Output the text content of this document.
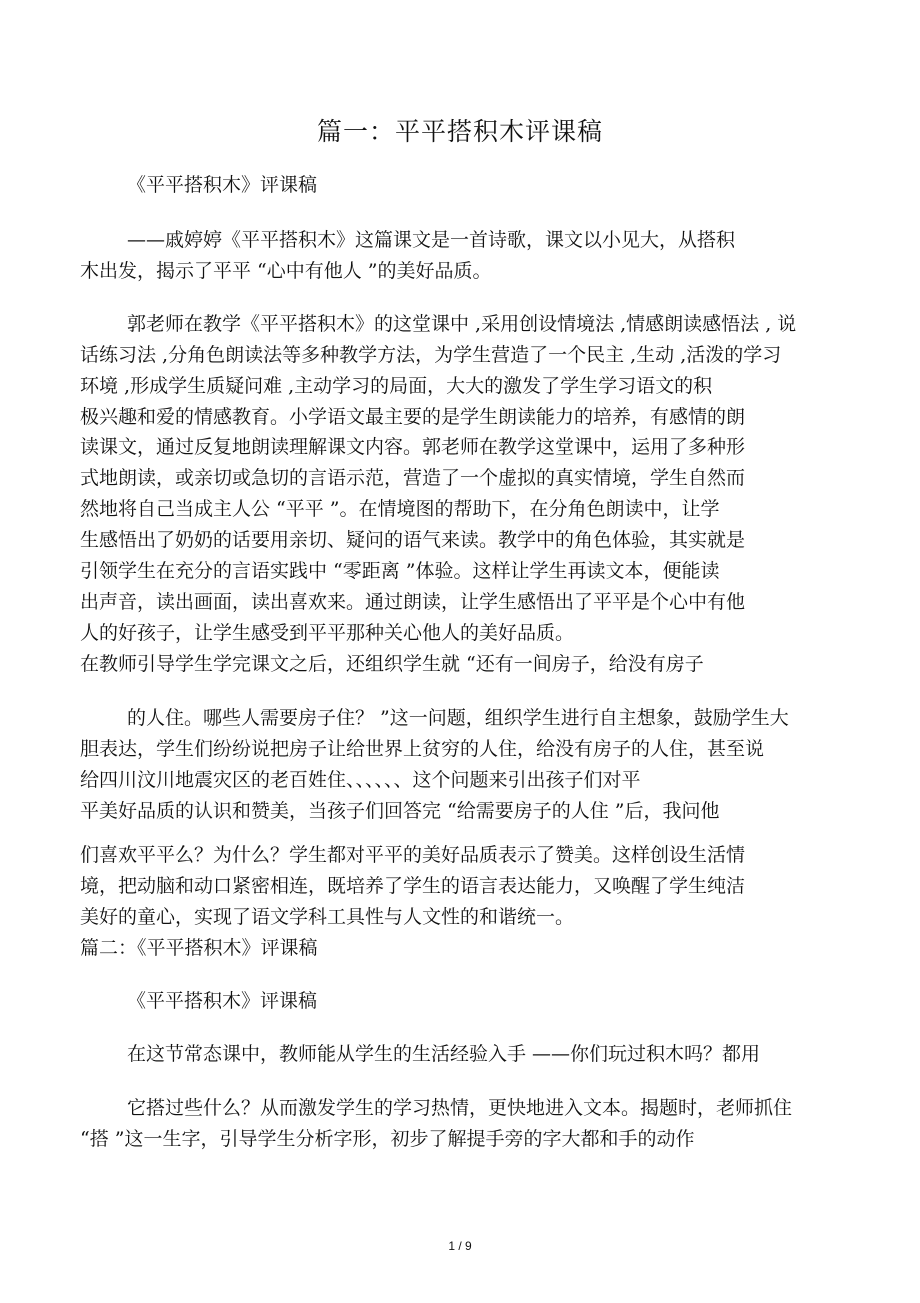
篇一：平平搭积木评课稿
《平平搭积木》评课稿
——戚婷婷《平平搭积木》这篇课文是一首诗歌，课文以小见大，从搭积
木出发，揭示了平平 “心中有他人 ”的美好品质。
郭老师在教学《平平搭积木》的这堂课中 ,采用创设情境法 ,情感朗读感悟法 , 说
话练习法 ,分角色朗读法等多种教学方法，为学生营造了一个民主 ,生动 ,活泼的学习
环境 ,形成学生质疑问难 ,主动学习的局面，大大的激发了学生学习语文的积
极兴趣和爱的情感教育。小学语文最主要的是学生朗读能力的培养，有感情的朗
读课文，通过反复地朗读理解课文内容。郭老师在教学这堂课中，运用了多种形
式地朗读，或亲切或急切的言语示范，营造了一个虚拟的真实情境，学生自然而
然地将自己当成主人公 “平平 ”。在情境图的帮助下，在分角色朗读中，让学
生感悟出了奶奶的话要用亲切、疑问的语气来读。教学中的角色体验，其实就是
引领学生在充分的言语实践中 “零距离 ”体验。这样让学生再读文本，便能读
出声音，读出画面，读出喜欢来。通过朗读，让学生感悟出了平平是个心中有他
人的好孩子，让学生感受到平平那种关心他人的美好品质。
在教师引导学生学完课文之后，还组织学生就 “还有一间房子，给没有房子
的人住。哪些人需要房子住？ ”这一问题，组织学生进行自主想象，鼓励学生大
胆表达，学生们纷纷说把房子让给世界上贫穷的人住，给没有房子的人住，甚至说
给四川汶川地震灾区的老百姓住、、、、、、这个问题来引出孩子们对平
平美好品质的认识和赞美，当孩子们回答完 “给需要房子的人住 ”后，我问他
们喜欢平平么？为什么？学生都对平平的美好品质表示了赞美。这样创设生活情
境，把动脑和动口紧密相连，既培养了学生的语言表达能力，又唤醒了学生纯洁
美好的童心，实现了语文学科工具性与人文性的和谐统一。
篇二：《平平搭积木》评课稿
《平平搭积木》评课稿
在这节常态课中，教师能从学生的生活经验入手 ——你们玩过积木吗？都用
它搭过些什么？从而激发学生的学习热情，更快地进入文本。揭题时，老师抓住
“搭 ”这一生字，引导学生分析字形，初步了解提手旁的字大都和手的动作
1 / 9
